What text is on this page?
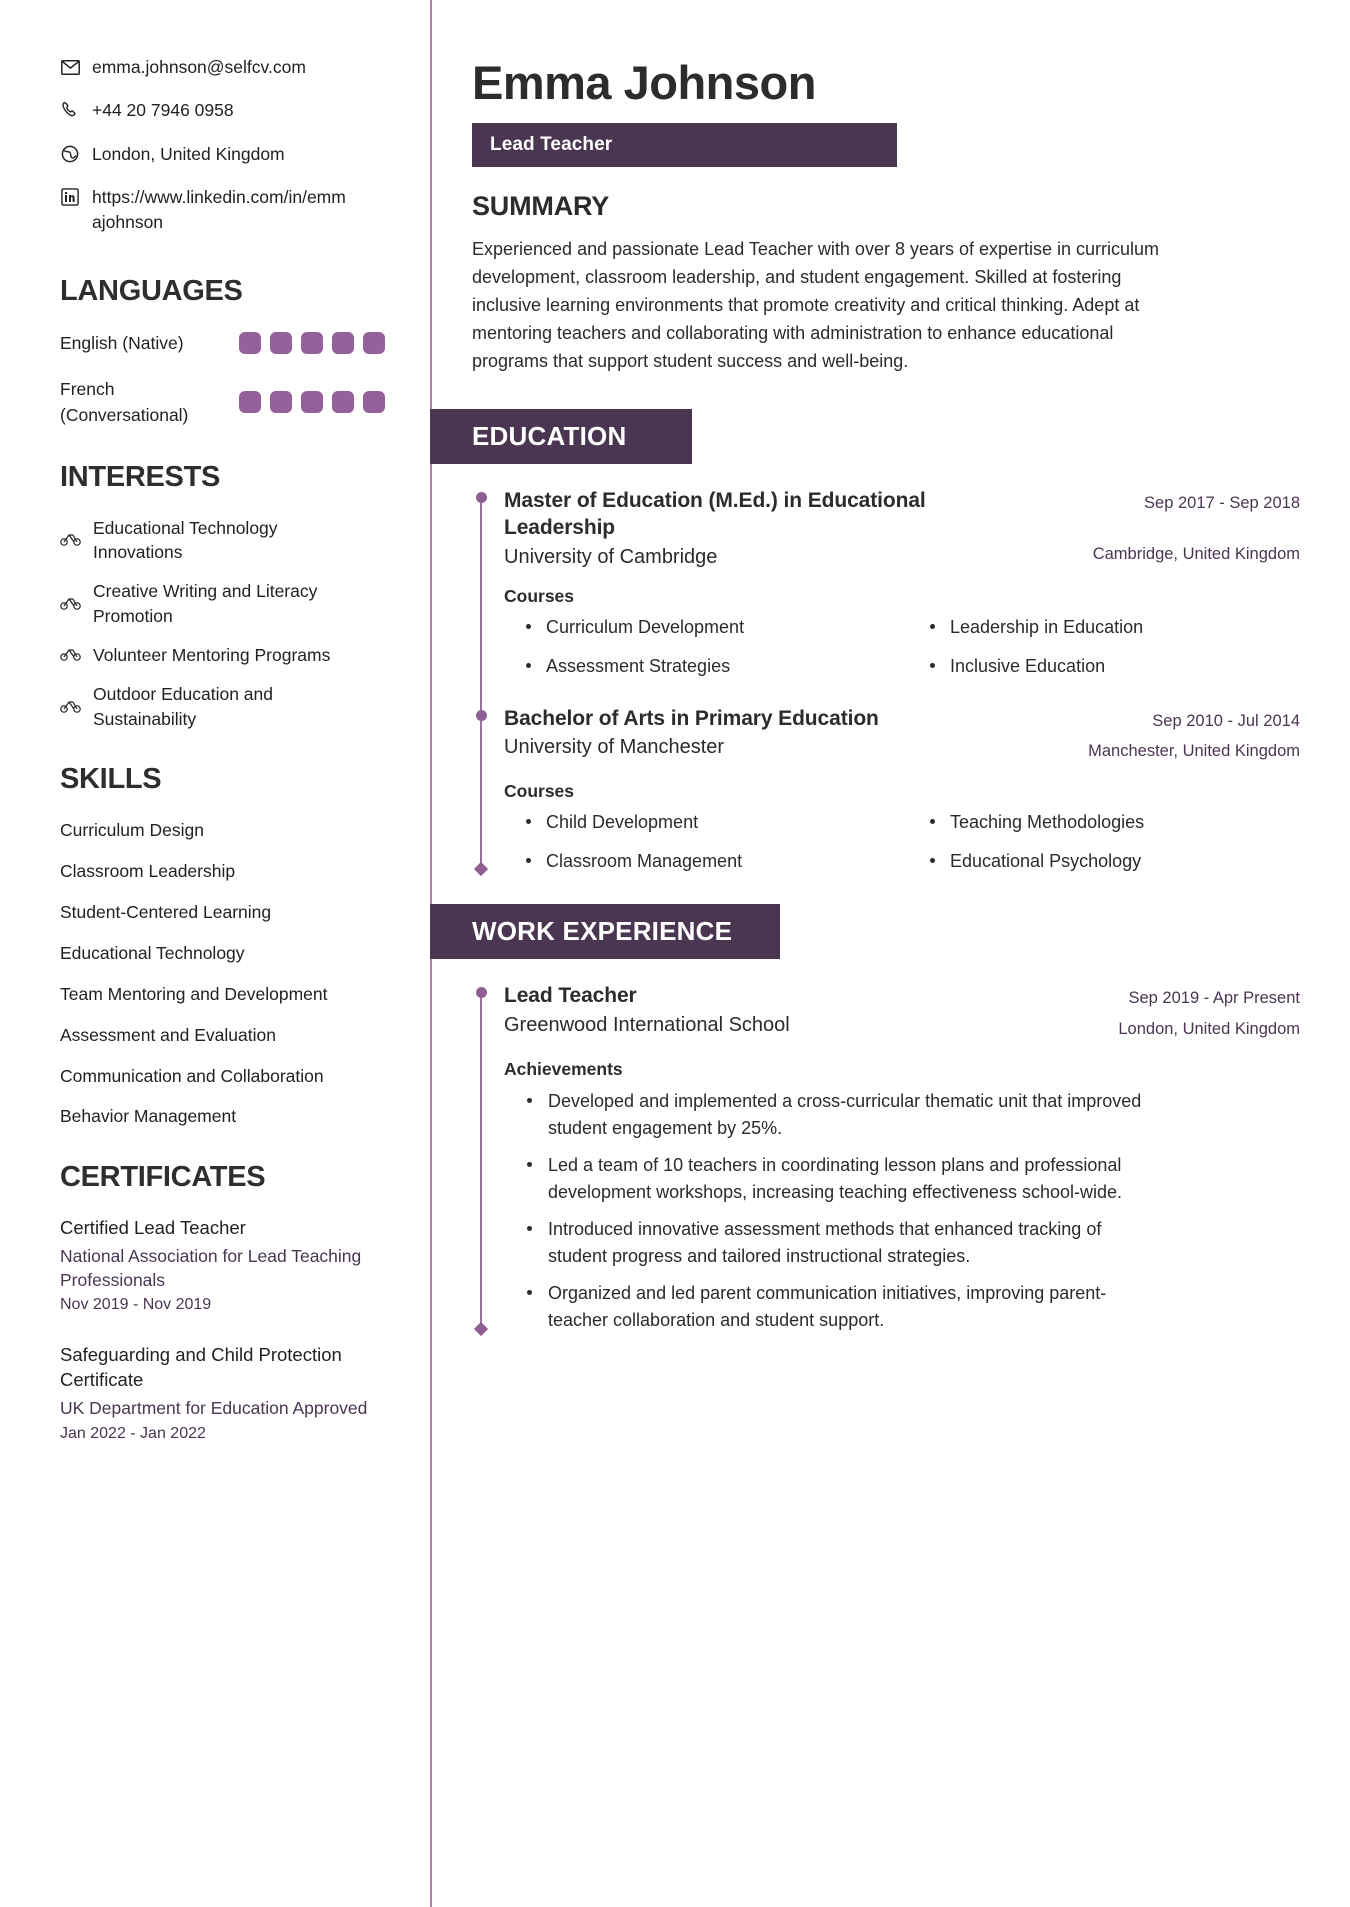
emma.johnson@selfcv.com
+44 20 7946 0958
London, United Kingdom
https://www.linkedin.com/in/emmajohnson
LANGUAGES
English (Native)
French (Conversational)
INTERESTS
Educational Technology Innovations
Creative Writing and Literacy Promotion
Volunteer Mentoring Programs
Outdoor Education and Sustainability
SKILLS
Curriculum Design
Classroom Leadership
Student-Centered Learning
Educational Technology
Team Mentoring and Development
Assessment and Evaluation
Communication and Collaboration
Behavior Management
CERTIFICATES
Certified Lead Teacher
National Association for Lead Teaching Professionals
Nov 2019 - Nov 2019
Safeguarding and Child Protection Certificate
UK Department for Education Approved
Jan 2022 - Jan 2022
Emma Johnson
Lead Teacher
SUMMARY

Experienced and passionate Lead Teacher with over 8 years of expertise in curriculum development, classroom leadership, and student engagement. Skilled at fostering inclusive learning environments that promote creativity and critical thinking. Adept at mentoring teachers and collaborating with administration to enhance educational programs that support student success and well-being.

EDUCATION
Master of Education (M.Ed.) in Educational Leadership
University of Cambridge
Sep 2017 - Sep 2018
Cambridge, United Kingdom
Courses
Curriculum Development	Leadership in Education
Assessment Strategies	Inclusive Education
Bachelor of Arts in Primary Education
University of Manchester
Sep 2010 - Jul 2014
Manchester, United Kingdom
Courses
Child Development	Teaching Methodologies
Classroom Management	Educational Psychology
WORK EXPERIENCE
Lead Teacher
Greenwood International School
Sep 2019 - Apr Present
London, United Kingdom
Achievements
Developed and implemented a cross-curricular thematic unit that improved student engagement by 25%.
Led a team of 10 teachers in coordinating lesson plans and professional development workshops, increasing teaching effectiveness school-wide.
Introduced innovative assessment methods that enhanced tracking of student progress and tailored instructional strategies.
Organized and led parent communication initiatives, improving parent-teacher collaboration and student support.
